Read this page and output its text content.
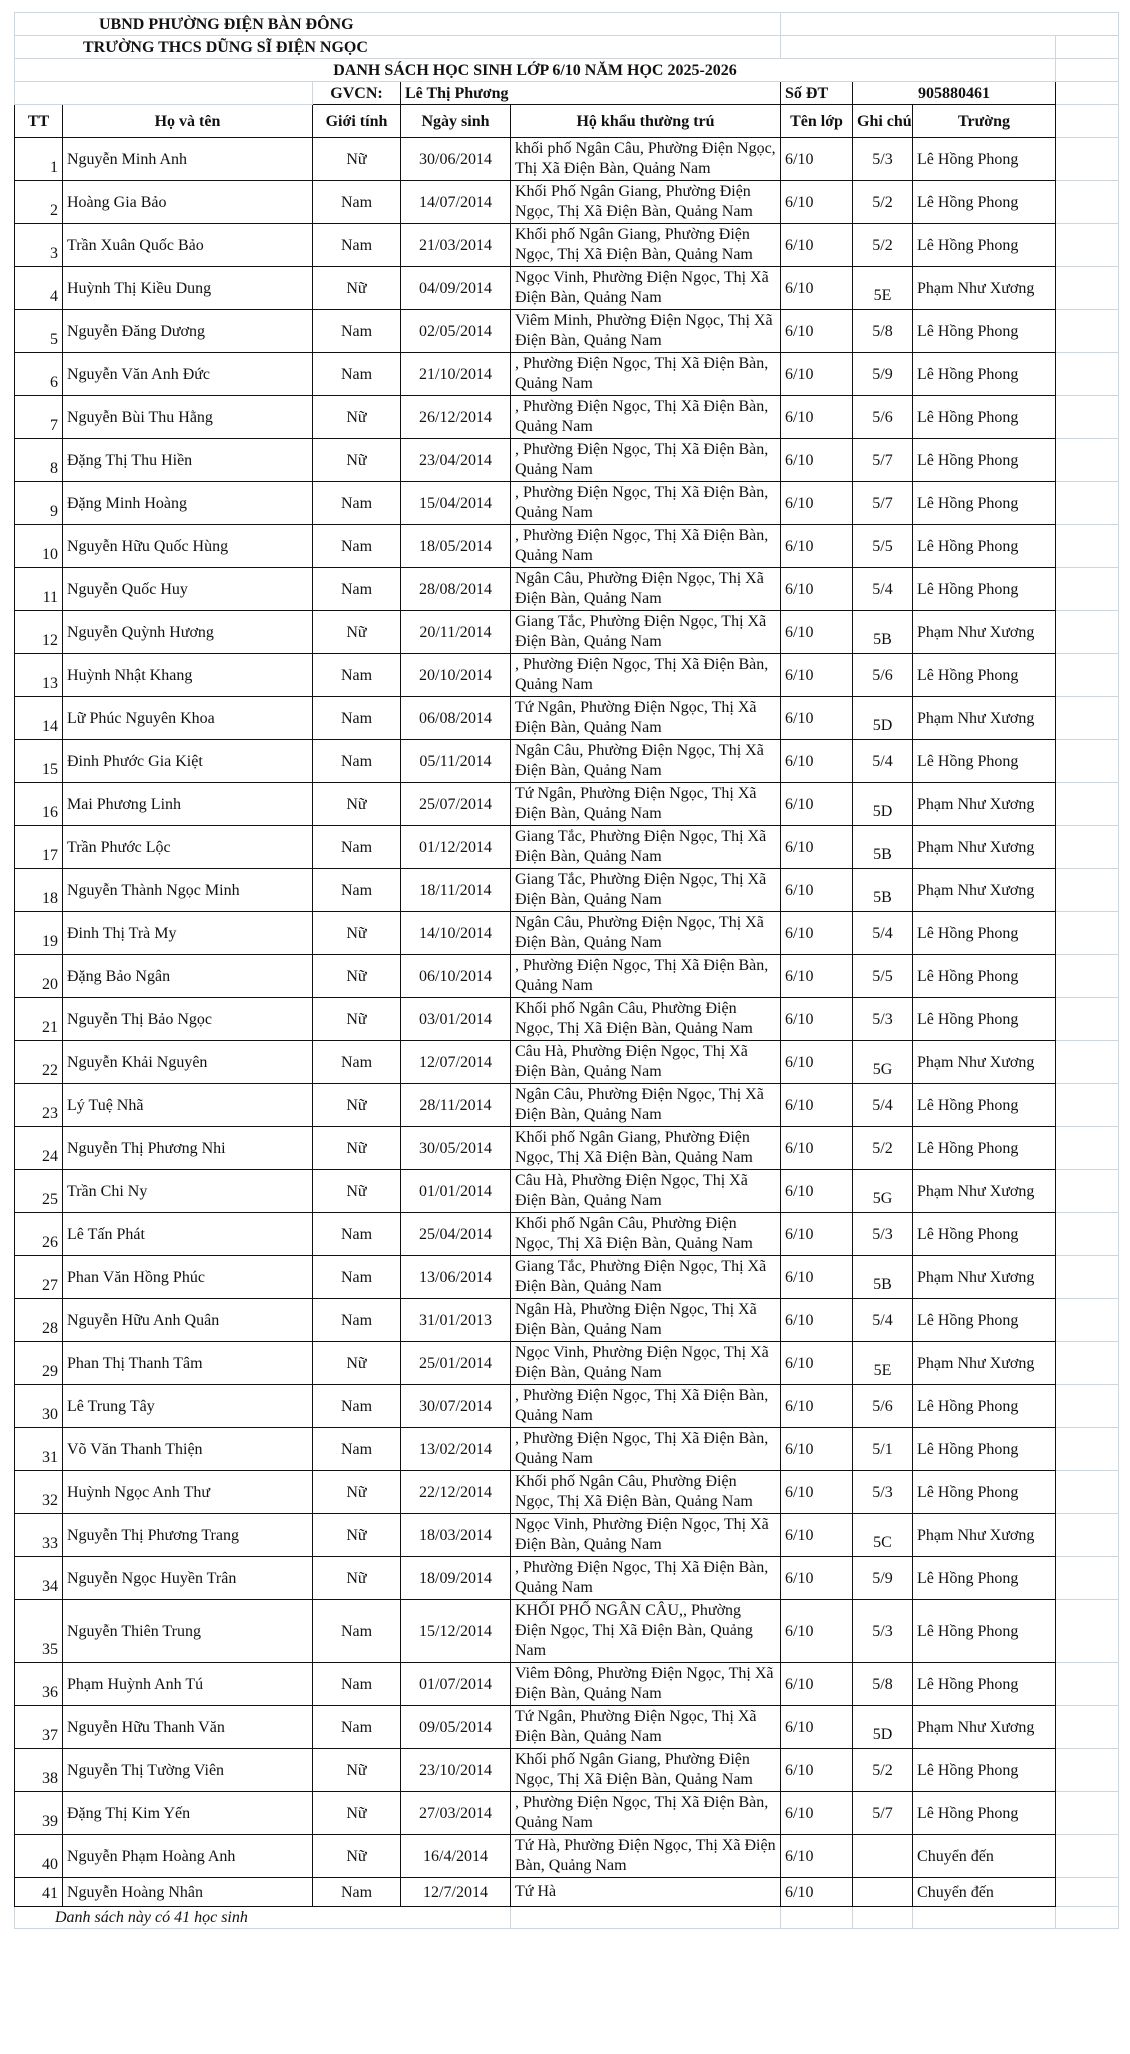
UBND PHƯỜNG ĐIỆN BÀN ĐÔNG								
TRƯỜNG THCS DŨNG SĨ ĐIỆN NGỌC								
DANH SÁCH HỌC SINH LỚP 6/10 NĂM HỌC 2025-2026								
		GVCN:	Lê Thị Phương		Số ĐT	905880461		
TT	Họ và tên	Giới tính	Ngày sinh	Hộ khẩu thường trú	Tên lớp	Ghi chú	Trường	
1	Nguyễn Minh Anh	Nữ	30/06/2014	khối phố Ngân Câu, Phường Điện Ngọc, Thị Xã Điện Bàn, Quảng Nam	6/10	5/3	Lê Hồng Phong	
2	Hoàng Gia Bảo	Nam	14/07/2014	Khối Phố Ngân Giang, Phường Điện Ngọc, Thị Xã Điện Bàn, Quảng Nam	6/10	5/2	Lê Hồng Phong	
3	Trần Xuân Quốc Bảo	Nam	21/03/2014	Khối phố Ngân Giang, Phường Điện Ngọc, Thị Xã Điện Bàn, Quảng Nam	6/10	5/2	Lê Hồng Phong	
4	Huỳnh Thị Kiều Dung	Nữ	04/09/2014	Ngọc Vinh, Phường Điện Ngọc, Thị Xã Điện Bàn, Quảng Nam	6/10	5E	Phạm Như Xương	
5	Nguyễn Đăng Dương	Nam	02/05/2014	Viêm Minh, Phường Điện Ngọc, Thị Xã Điện Bàn, Quảng Nam	6/10	5/8	Lê Hồng Phong	
6	Nguyễn Văn Anh Đức	Nam	21/10/2014	, Phường Điện Ngọc, Thị Xã Điện Bàn, Quảng Nam	6/10	5/9	Lê Hồng Phong	
7	Nguyễn Bùi Thu Hằng	Nữ	26/12/2014	, Phường Điện Ngọc, Thị Xã Điện Bàn, Quảng Nam	6/10	5/6	Lê Hồng Phong	
8	Đặng Thị Thu Hiền	Nữ	23/04/2014	, Phường Điện Ngọc, Thị Xã Điện Bàn, Quảng Nam	6/10	5/7	Lê Hồng Phong	
9	Đặng Minh Hoàng	Nam	15/04/2014	, Phường Điện Ngọc, Thị Xã Điện Bàn, Quảng Nam	6/10	5/7	Lê Hồng Phong	
10	Nguyễn Hữu Quốc Hùng	Nam	18/05/2014	, Phường Điện Ngọc, Thị Xã Điện Bàn, Quảng Nam	6/10	5/5	Lê Hồng Phong	
11	Nguyễn Quốc Huy	Nam	28/08/2014	Ngân Câu, Phường Điện Ngọc, Thị Xã Điện Bàn, Quảng Nam	6/10	5/4	Lê Hồng Phong	
12	Nguyễn Quỳnh Hương	Nữ	20/11/2014	Giang Tắc, Phường Điện Ngọc, Thị Xã Điện Bàn, Quảng Nam	6/10	5B	Phạm Như Xương	
13	Huỳnh Nhật Khang	Nam	20/10/2014	, Phường Điện Ngọc, Thị Xã Điện Bàn, Quảng Nam	6/10	5/6	Lê Hồng Phong	
14	Lữ Phúc Nguyên Khoa	Nam	06/08/2014	Tứ Ngân, Phường Điện Ngọc, Thị Xã Điện Bàn, Quảng Nam	6/10	5D	Phạm Như Xương	
15	Đinh Phước Gia Kiệt	Nam	05/11/2014	Ngân Câu, Phường Điện Ngọc, Thị Xã Điện Bàn, Quảng Nam	6/10	5/4	Lê Hồng Phong	
16	Mai Phương Linh	Nữ	25/07/2014	Tứ Ngân, Phường Điện Ngọc, Thị Xã Điện Bàn, Quảng Nam	6/10	5D	Phạm Như Xương	
17	Trần Phước Lộc	Nam	01/12/2014	Giang Tắc, Phường Điện Ngọc, Thị Xã Điện Bàn, Quảng Nam	6/10	5B	Phạm Như Xương	
18	Nguyễn Thành Ngọc Minh	Nam	18/11/2014	Giang Tắc, Phường Điện Ngọc, Thị Xã Điện Bàn, Quảng Nam	6/10	5B	Phạm Như Xương	
19	Đinh Thị Trà My	Nữ	14/10/2014	Ngân Câu, Phường Điện Ngọc, Thị Xã Điện Bàn, Quảng Nam	6/10	5/4	Lê Hồng Phong	
20	Đặng Bảo Ngân	Nữ	06/10/2014	, Phường Điện Ngọc, Thị Xã Điện Bàn, Quảng Nam	6/10	5/5	Lê Hồng Phong	
21	Nguyễn Thị Bảo Ngọc	Nữ	03/01/2014	Khối phố Ngân Câu, Phường Điện Ngọc, Thị Xã Điện Bàn, Quảng Nam	6/10	5/3	Lê Hồng Phong	
22	Nguyễn Khải Nguyên	Nam	12/07/2014	Câu Hà, Phường Điện Ngọc, Thị Xã Điện Bàn, Quảng Nam	6/10	5G	Phạm Như Xương	
23	Lý Tuệ Nhã	Nữ	28/11/2014	Ngân Câu, Phường Điện Ngọc, Thị Xã Điện Bàn, Quảng Nam	6/10	5/4	Lê Hồng Phong	
24	Nguyễn Thị Phương Nhi	Nữ	30/05/2014	Khối phố Ngân Giang, Phường Điện Ngọc, Thị Xã Điện Bàn, Quảng Nam	6/10	5/2	Lê Hồng Phong	
25	Trần Chi Ny	Nữ	01/01/2014	Câu Hà, Phường Điện Ngọc, Thị Xã Điện Bàn, Quảng Nam	6/10	5G	Phạm Như Xương	
26	Lê Tấn Phát	Nam	25/04/2014	Khối phố Ngân Câu, Phường Điện Ngọc, Thị Xã Điện Bàn, Quảng Nam	6/10	5/3	Lê Hồng Phong	
27	Phan Văn Hồng Phúc	Nam	13/06/2014	Giang Tắc, Phường Điện Ngọc, Thị Xã Điện Bàn, Quảng Nam	6/10	5B	Phạm Như Xương	
28	Nguyễn Hữu Anh Quân	Nam	31/01/2013	Ngân Hà, Phường Điện Ngọc, Thị Xã Điện Bàn, Quảng Nam	6/10	5/4	Lê Hồng Phong	
29	Phan Thị Thanh Tâm	Nữ	25/01/2014	Ngọc Vinh, Phường Điện Ngọc, Thị Xã Điện Bàn, Quảng Nam	6/10	5E	Phạm Như Xương	
30	Lê Trung Tây	Nam	30/07/2014	, Phường Điện Ngọc, Thị Xã Điện Bàn, Quảng Nam	6/10	5/6	Lê Hồng Phong	
31	Võ Văn Thanh Thiện	Nam	13/02/2014	, Phường Điện Ngọc, Thị Xã Điện Bàn, Quảng Nam	6/10	5/1	Lê Hồng Phong	
32	Huỳnh Ngọc Anh Thư	Nữ	22/12/2014	Khối phố Ngân Câu, Phường Điện Ngọc, Thị Xã Điện Bàn, Quảng Nam	6/10	5/3	Lê Hồng Phong	
33	Nguyễn Thị Phương Trang	Nữ	18/03/2014	Ngọc Vinh, Phường Điện Ngọc, Thị Xã Điện Bàn, Quảng Nam	6/10	5C	Phạm Như Xương	
34	Nguyễn Ngọc Huyền Trân	Nữ	18/09/2014	, Phường Điện Ngọc, Thị Xã Điện Bàn, Quảng Nam	6/10	5/9	Lê Hồng Phong	
35	Nguyễn Thiên Trung	Nam	15/12/2014	KHỐI PHỐ NGÂN CÂU,, Phường Điện Ngọc, Thị Xã Điện Bàn, Quảng Nam	6/10	5/3	Lê Hồng Phong	
36	Phạm Huỳnh Anh Tú	Nam	01/07/2014	Viêm Đông, Phường Điện Ngọc, Thị Xã Điện Bàn, Quảng Nam	6/10	5/8	Lê Hồng Phong	
37	Nguyễn Hữu Thanh Văn	Nam	09/05/2014	Tứ Ngân, Phường Điện Ngọc, Thị Xã Điện Bàn, Quảng Nam	6/10	5D	Phạm Như Xương	
38	Nguyễn Thị Tường Viên	Nữ	23/10/2014	Khối phố Ngân Giang, Phường Điện Ngọc, Thị Xã Điện Bàn, Quảng Nam	6/10	5/2	Lê Hồng Phong	
39	Đặng Thị Kim Yến	Nữ	27/03/2014	, Phường Điện Ngọc, Thị Xã Điện Bàn, Quảng Nam	6/10	5/7	Lê Hồng Phong	
40	Nguyễn Phạm Hoàng Anh	Nữ	16/4/2014	Tứ Hà, Phường Điện Ngọc, Thị Xã Điện Bàn, Quảng Nam	6/10		Chuyển đến	
41	Nguyễn Hoàng Nhân	Nam	12/7/2014	Tứ Hà	6/10		Chuyển đến	
Danh sách này có 41 học sinh								
